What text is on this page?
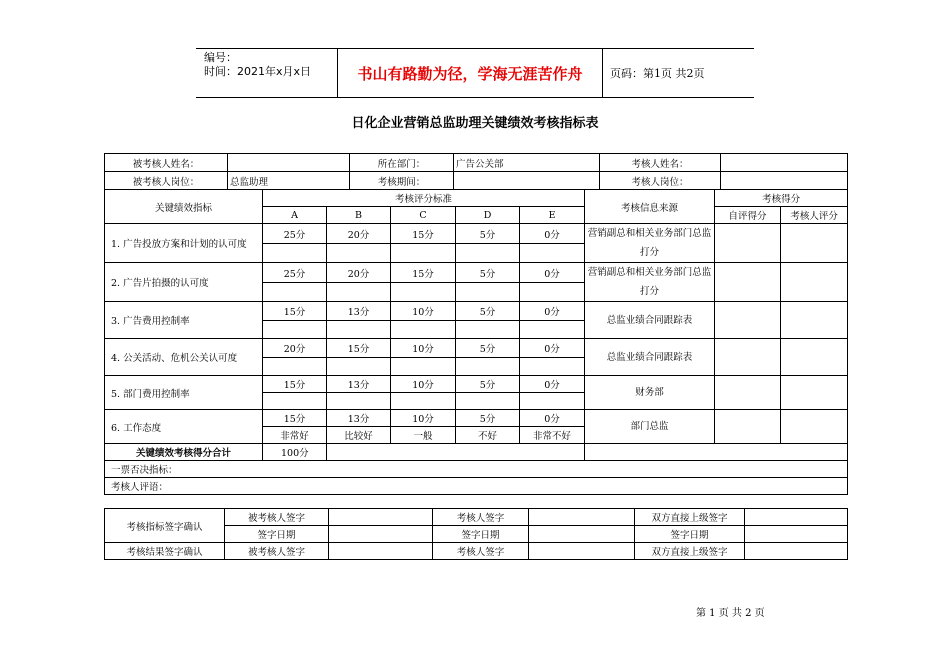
编号：
时间：2021年x月x日	书山有路勤为径，学海无涯苦作舟	页码：第1页 共2页
日化企业营销总监助理关键绩效考核指标表
被考核人姓名：		所在部门：	广告公关部	考核人姓名：	
被考核人岗位：	总监助理	考核期间：		考核人岗位：	
关键绩效指标	考核评分标准					考核信息来源	考核得分	
	A	B	C	D	E		自评得分	考核人评分
1. 广告投放方案和计划的认可度	25分	20分	15分	5分	0分	营销副总和相关业务部门总监打分		

2. 广告片拍摄的认可度	25分	20分	15分	5分	0分	营销副总和相关业务部门总监打分		

3. 广告费用控制率	15分	13分	10分	5分	0分	总监业绩合同跟踪表		

4. 公关活动、危机公关认可度	20分	15分	10分	5分	0分	总监业绩合同跟踪表		

5. 部门费用控制率	15分	13分	10分	5分	0分	财务部		

6. 工作态度	15分	13分	10分	5分	0分	部门总监		
	非常好	比较好	一般	不好	非常不好			
关键绩效考核得分合计	100分							
一票否决指标：								
考核人评语：								
考核指标签字确认	被考核人签字		考核人签字		双方直接上级签字	
	签字日期		签字日期		签字日期	
考核结果签字确认	被考核人签字		考核人签字		双方直接上级签字	
第 1 页 共 2 页
